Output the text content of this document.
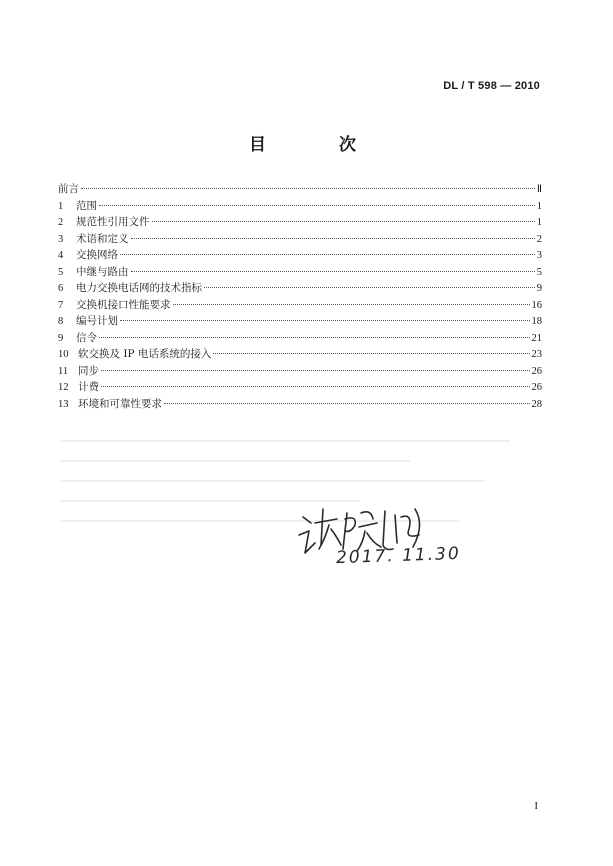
DL / T 598 — 2010
目　次
前言	Ⅱ
1	范围	1
2	规范性引用文件	1
3	术语和定义	2
4	交换网络	3
5	中继与路由	5
6	电力交换电话网的技术指标	9
7	交换机接口性能要求	16
8	编号计划	18
9	信令	21
10 软交换及 IP 电话系统的接入	23
11 同步	26
12 计费	26
13 环境和可靠性要求	28
2017. 11.30
I
